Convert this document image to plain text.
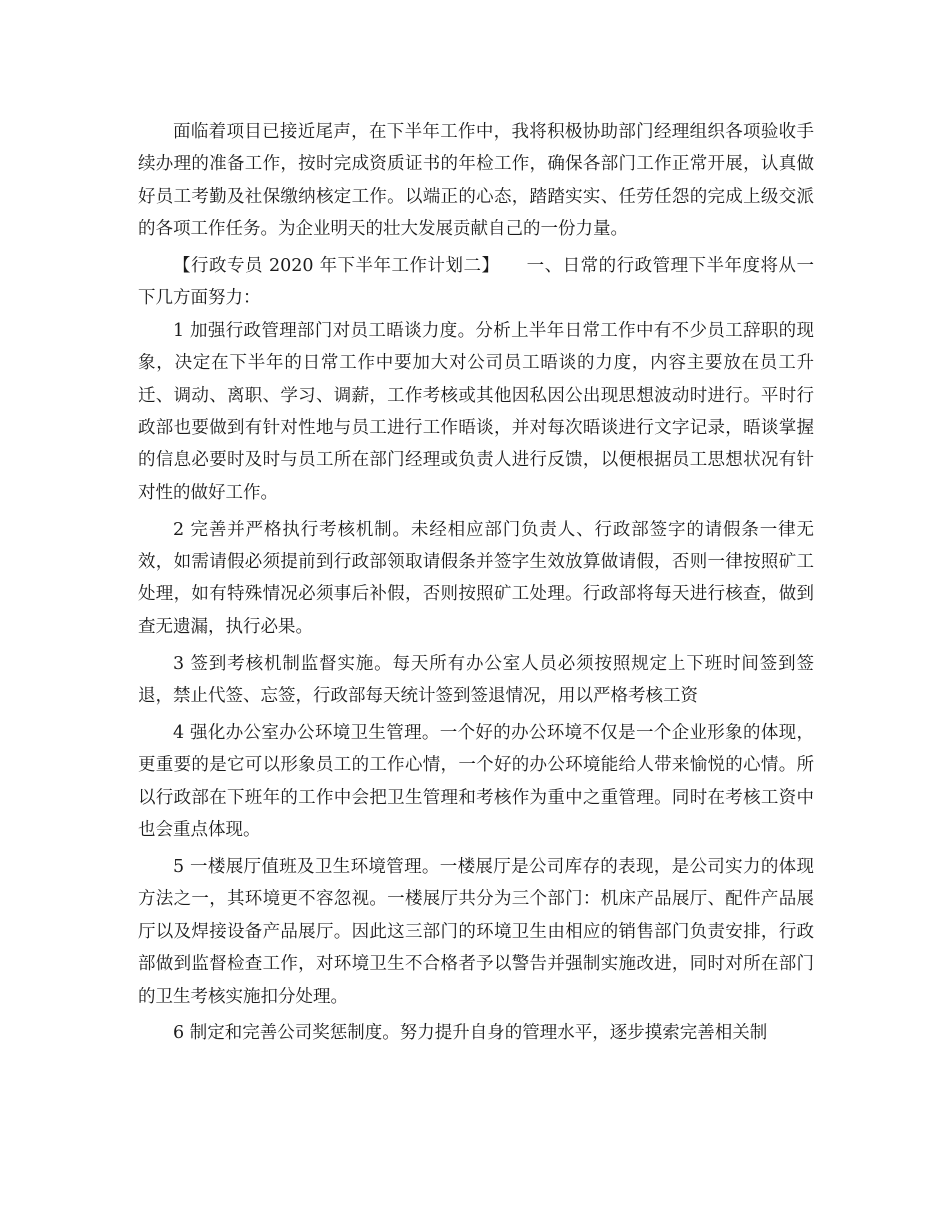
面临着项目已接近尾声，在下半年工作中，我将积极协助部门经理组织各项验收手续办理的准备工作，按时完成资质证书的年检工作，确保各部门工作正常开展，认真做好员工考勤及社保缴纳核定工作。以端正的心态，踏踏实实、任劳任怨的完成上级交派的各项工作任务。为企业明天的壮大发展贡献自己的一份力量。

【行政专员 2020 年下半年工作计划二】　　一、日常的行政管理下半年度将从一下几方面努力：

1 加强行政管理部门对员工晤谈力度。分析上半年日常工作中有不少员工辞职的现象，决定在下半年的日常工作中要加大对公司员工晤谈的力度，内容主要放在员工升迁、调动、离职、学习、调薪，工作考核或其他因私因公出现思想波动时进行。平时行政部也要做到有针对性地与员工进行工作晤谈，并对每次晤谈进行文字记录，晤谈掌握的信息必要时及时与员工所在部门经理或负责人进行反馈，以便根据员工思想状况有针对性的做好工作。

2 完善并严格执行考核机制。未经相应部门负责人、行政部签字的请假条一律无效，如需请假必须提前到行政部领取请假条并签字生效放算做请假，否则一律按照矿工处理，如有特殊情况必须事后补假，否则按照矿工处理。行政部将每天进行核查，做到查无遗漏，执行必果。

3 签到考核机制监督实施。每天所有办公室人员必须按照规定上下班时间签到签退，禁止代签、忘签，行政部每天统计签到签退情况，用以严格考核工资

4 强化办公室办公环境卫生管理。一个好的办公环境不仅是一个企业形象的体现，更重要的是它可以形象员工的工作心情，一个好的办公环境能给人带来愉悦的心情。所以行政部在下班年的工作中会把卫生管理和考核作为重中之重管理。同时在考核工资中也会重点体现。

5 一楼展厅值班及卫生环境管理。一楼展厅是公司库存的表现，是公司实力的体现方法之一，其环境更不容忽视。一楼展厅共分为三个部门：机床产品展厅、配件产品展厅以及焊接设备产品展厅。因此这三部门的环境卫生由相应的销售部门负责安排，行政部做到监督检查工作，对环境卫生不合格者予以警告并强制实施改进，同时对所在部门的卫生考核实施扣分处理。

6 制定和完善公司奖惩制度。努力提升自身的管理水平，逐步摸索完善相关制
